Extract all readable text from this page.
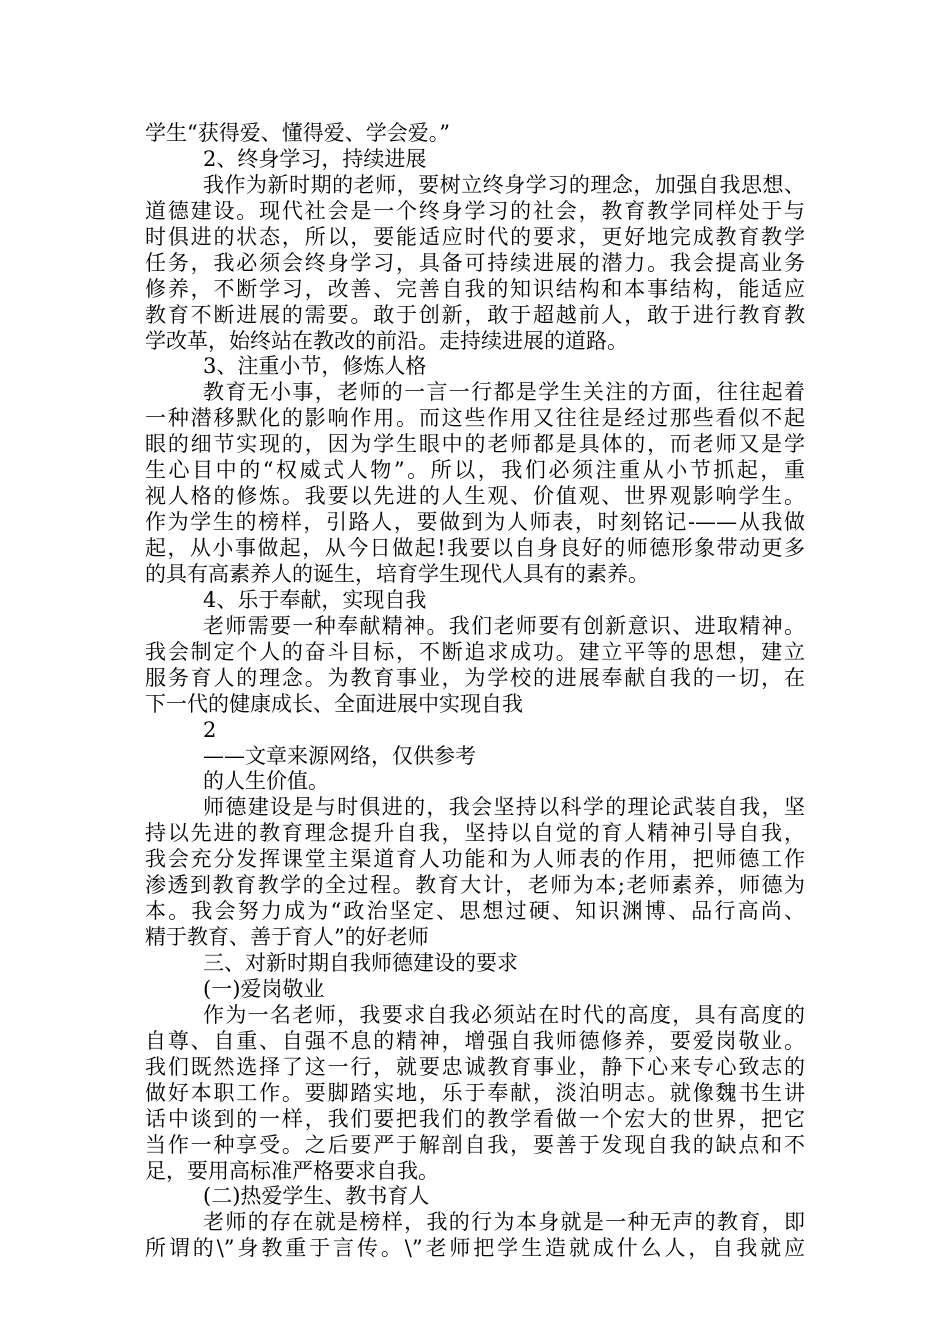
学生“获得爱、懂得爱、学会爱。”
2、终身学习，持续进展
我作为新时期的老师，要树立终身学习的理念，加强自我思想、
道德建设。现代社会是一个终身学习的社会，教育教学同样处于与
时俱进的状态，所以，要能适应时代的要求，更好地完成教育教学
任务，我必须会终身学习，具备可持续进展的潜力。我会提高业务
修养，不断学习，改善、完善自我的知识结构和本事结构，能适应
教育不断进展的需要。敢于创新，敢于超越前人，敢于进行教育教
学改革，始终站在教改的前沿。走持续进展的道路。
3、注重小节，修炼人格
教育无小事，老师的一言一行都是学生关注的方面，往往起着
一种潜移默化的影响作用。而这些作用又往往是经过那些看似不起
眼的细节实现的，因为学生眼中的老师都是具体的，而老师又是学
生心目中的“权威式人物”。所以，我们必须注重从小节抓起，重
视人格的修炼。我要以先进的人生观、价值观、世界观影响学生。
作为学生的榜样，引路人，要做到为人师表，时刻铭记-——从我做
起，从小事做起，从今日做起!我要以自身良好的师德形象带动更多
的具有高素养人的诞生，培育学生现代人具有的素养。
4、乐于奉献，实现自我
老师需要一种奉献精神。我们老师要有创新意识、进取精神。
我会制定个人的奋斗目标，不断追求成功。建立平等的思想，建立
服务育人的理念。为教育事业，为学校的进展奉献自我的一切，在
下一代的健康成长、全面进展中实现自我
2
——文章来源网络，仅供参考
的人生价值。
师德建设是与时俱进的，我会坚持以科学的理论武装自我，坚
持以先进的教育理念提升自我，坚持以自觉的育人精神引导自我，
我会充分发挥课堂主渠道育人功能和为人师表的作用，把师德工作
渗透到教育教学的全过程。教育大计，老师为本;老师素养，师德为
本。我会努力成为“政治坚定、思想过硬、知识渊博、品行高尚、
精于教育、善于育人”的好老师
三、对新时期自我师德建设的要求
(一)爱岗敬业
作为一名老师，我要求自我必须站在时代的高度，具有高度的
自尊、自重、自强不息的精神，增强自我师德修养，要爱岗敬业。
我们既然选择了这一行，就要忠诚教育事业，静下心来专心致志的
做好本职工作。要脚踏实地，乐于奉献，淡泊明志。就像魏书生讲
话中谈到的一样，我们要把我们的教学看做一个宏大的世界，把它
当作一种享受。之后要严于解剖自我，要善于发现自我的缺点和不
足，要用高标准严格要求自我。
(二)热爱学生、教书育人
老师的存在就是榜样，我的行为本身就是一种无声的教育，即
所谓的\”身教重于言传。\”老师把学生造就成什么人，自我就应
